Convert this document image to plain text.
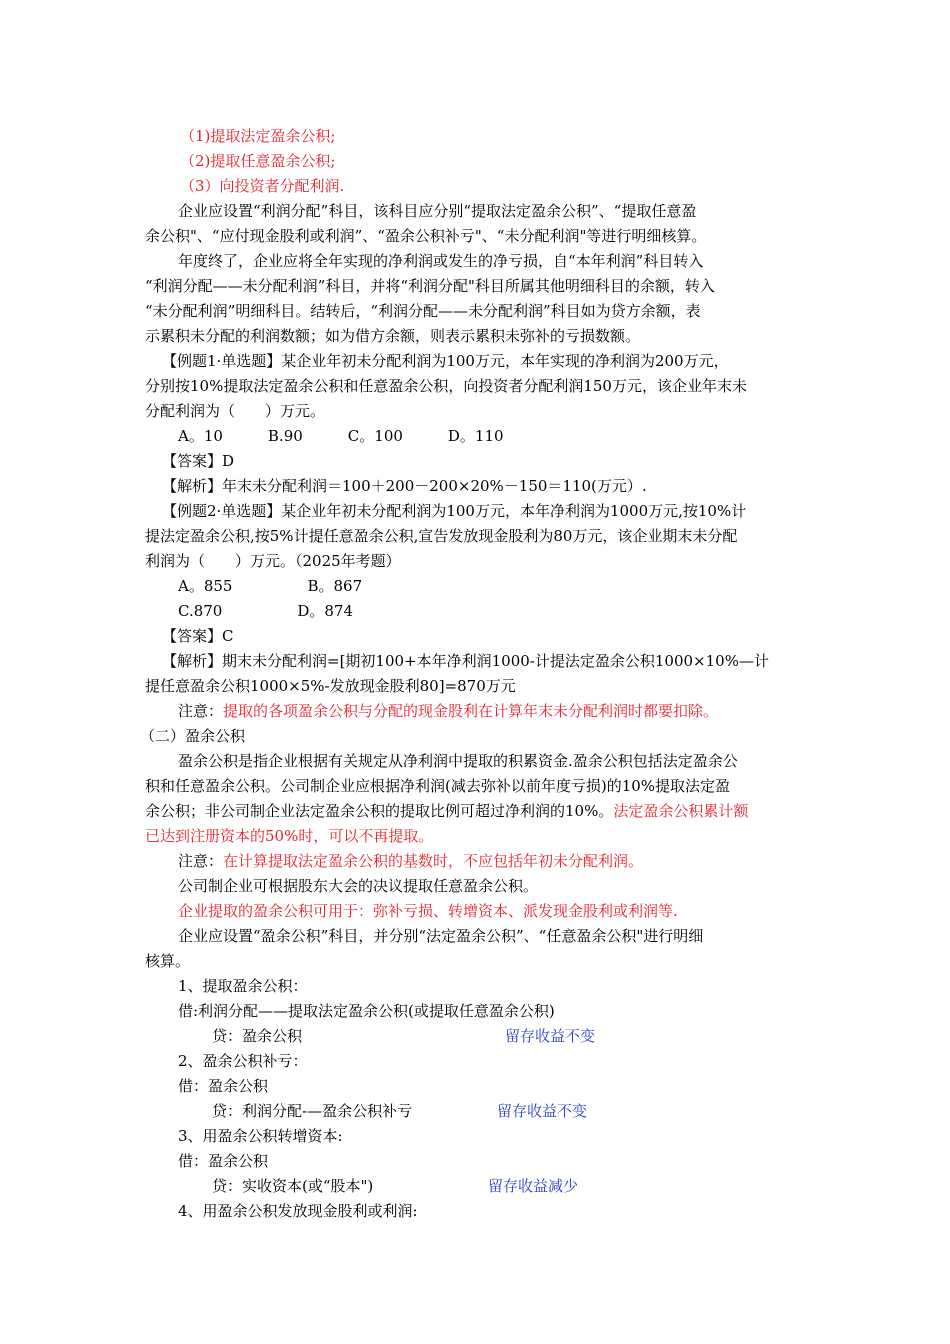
（1)提取法定盈余公积;
（2)提取任意盈余公积;
（3）向投资者分配利润.
企业应设置“利润分配”科目，该科目应分别“提取法定盈余公积”、“提取任意盈
余公积"、“应付现金股利或利润”、“盈余公积补亏"、“未分配利润"等进行明细核算。
年度终了，企业应将全年实现的净利润或发生的净亏损，自“本年利润”科目转入
“利润分配——未分配利润”科目，并将“利润分配"科目所属其他明细科目的余额，转入
“未分配利润”明细科目。结转后，“利润分配——未分配利润”科目如为贷方余额，表
示累积未分配的利润数额；如为借方余额，则表示累积未弥补的亏损数额。
【例题1·单选题】某企业年初未分配利润为100万元，本年实现的净利润为200万元，
分别按10%提取法定盈余公积和任意盈余公积，向投资者分配利润150万元，该企业年末未
分配利润为（　　）万元。
A。10　　　B.90　　　C。100　　　D。110
【答案】D
【解析】年末未分配利润＝100＋200－200×20%－150＝110(万元）.
【例题2·单选题】某企业年初未分配利润为100万元，本年净利润为1000万元,按10%计
提法定盈余公积,按5%计提任意盈余公积,宣告发放现金股利为80万元，该企业期末未分配
利润为（　　）万元。（2025年考题）
A。855　　　　　B。867
C.870　　　　　D。874
【答案】C
【解析】期末未分配利润=[期初100+本年净利润1000-计提法定盈余公积1000×10%—计
提任意盈余公积1000×5%-发放现金股利80]=870万元
注意：提取的各项盈余公积与分配的现金股利在计算年末未分配利润时都要扣除。
（二）盈余公积
盈余公积是指企业根据有关规定从净利润中提取的积累资金.盈余公积包括法定盈余公
积和任意盈余公积。公司制企业应根据净利润(减去弥补以前年度亏损)的10%提取法定盈
余公积；非公司制企业法定盈余公积的提取比例可超过净利润的10%。法定盈余公积累计额
已达到注册资本的50%时，可以不再提取。
注意：在计算提取法定盈余公积的基数时，不应包括年初未分配利润。
公司制企业可根据股东大会的决议提取任意盈余公积。
企业提取的盈余公积可用于：弥补亏损、转增资本、派发现金股利或利润等.
企业应设置“盈余公积”科目，并分别“法定盈余公积”、“任意盈余公积"进行明细
核算。
1、提取盈余公积：
借:利润分配——提取法定盈余公积(或提取任意盈余公积)
贷：盈余公积	留存收益不变
2、盈余公积补亏：
借：盈余公积
贷：利润分配-—盈余公积补亏	留存收益不变
3、用盈余公积转增资本:
借：盈余公积
贷：实收资本(或“股本")	留存收益减少
4、用盈余公积发放现金股利或利润:
